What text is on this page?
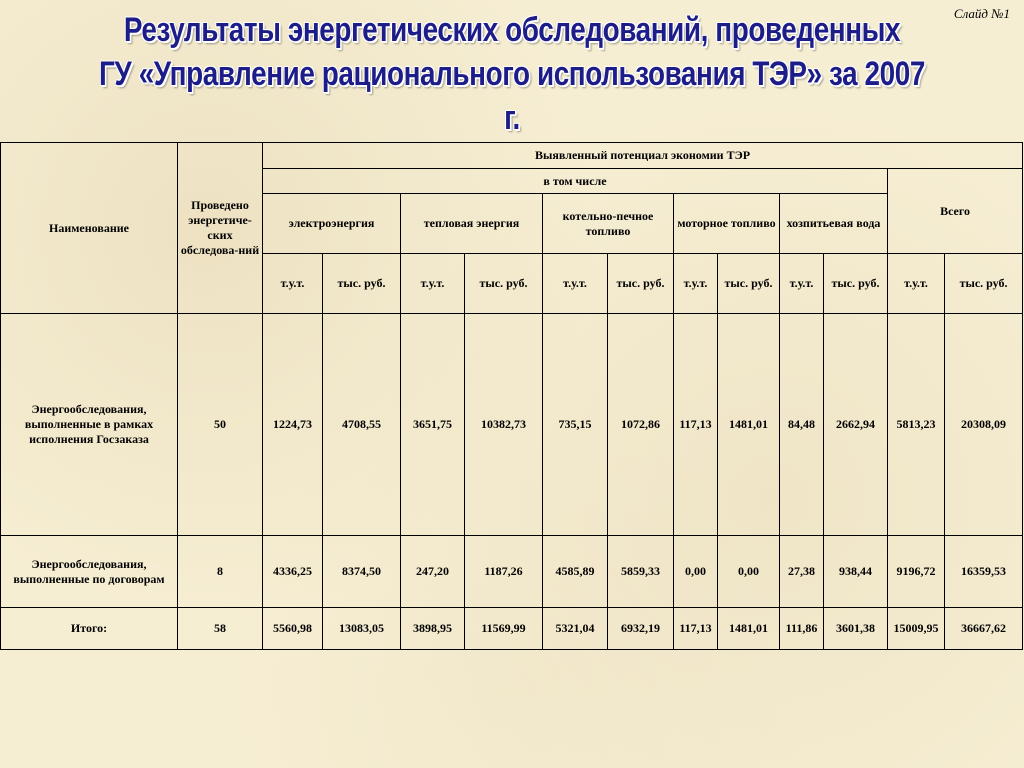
Слайд №1
Результаты энергетических обследований, проведенных
ГУ «Управление рационального использования ТЭР» за 2007 г.
Наименование	Проведено энергетиче-ских обследова-ний	Выявленный потенциал экономии ТЭР											
		в том числе										Всего	
		электроэнергия		тепловая энергия		котельно-печное топливо		моторное топливо		хозпитьевая вода			
		т.у.т.	тыс. руб.	т.у.т.	тыс. руб.	т.у.т.	тыс. руб.	т.у.т.	тыс. руб.	т.у.т.	тыс. руб.	т.у.т.	тыс. руб.
Энергообследования, выполненные в рамках исполнения Госзаказа	50	1224,73	4708,55	3651,75	10382,73	735,15	1072,86	117,13	1481,01	84,48	2662,94	5813,23	20308,09
Энергообследования, выполненные по договорам	8	4336,25	8374,50	247,20	1187,26	4585,89	5859,33	0,00	0,00	27,38	938,44	9196,72	16359,53
Итого:	58	5560,98	13083,05	3898,95	11569,99	5321,04	6932,19	117,13	1481,01	111,86	3601,38	15009,95	36667,62
